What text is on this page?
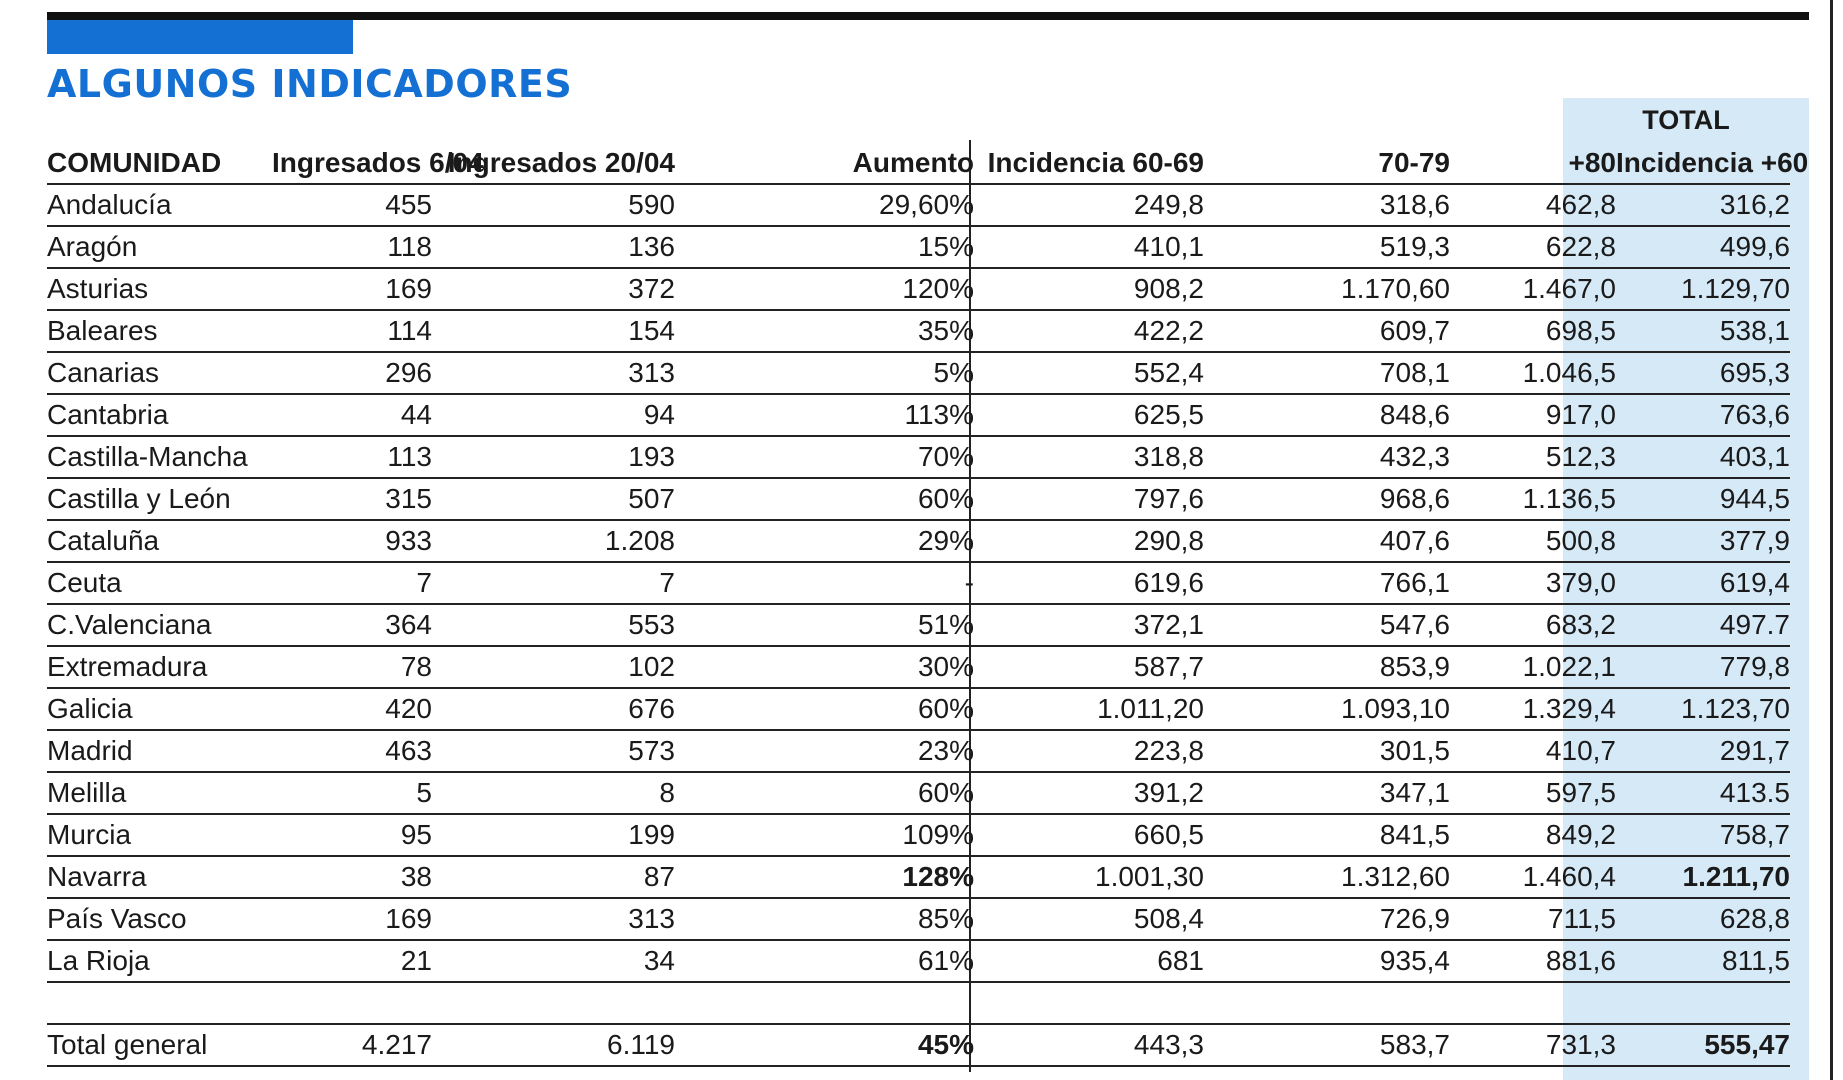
ALGUNOS INDICADORES

TOTAL

COMUNIDAD	Ingresados 6/04	Ingresados 20/04	Aumento	Incidencia 60-69	70-79	+80	Incidencia +60
Andalucía	455	590	29,60%	249,8	318,6	462,8	316,2
Aragón	118	136	15%	410,1	519,3	622,8	499,6
Asturias	169	372	120%	908,2	1.170,60	1.467,0	1.129,70
Baleares	114	154	35%	422,2	609,7	698,5	538,1
Canarias	296	313	5%	552,4	708,1	1.046,5	695,3
Cantabria	44	94	113%	625,5	848,6	917,0	763,6
Castilla-Mancha	113	193	70%	318,8	432,3	512,3	403,1
Castilla y León	315	507	60%	797,6	968,6	1.136,5	944,5
Cataluña	933	1.208	29%	290,8	407,6	500,8	377,9
Ceuta	7	7	-	619,6	766,1	379,0	619,4
C.Valenciana	364	553	51%	372,1	547,6	683,2	497.7
Extremadura	78	102	30%	587,7	853,9	1.022,1	779,8
Galicia	420	676	60%	1.011,20	1.093,10	1.329,4	1.123,70
Madrid	463	573	23%	223,8	301,5	410,7	291,7
Melilla	5	8	60%	391,2	347,1	597,5	413.5
Murcia	95	199	109%	660,5	841,5	849,2	758,7
Navarra	38	87	128%	1.001,30	1.312,60	1.460,4	1.211,70
País Vasco	169	313	85%	508,4	726,9	711,5	628,8
La Rioja	21	34	61%	681	935,4	881,6	811,5

Total general	4.217	6.119	45%	443,3	583,7	731,3	555,47
